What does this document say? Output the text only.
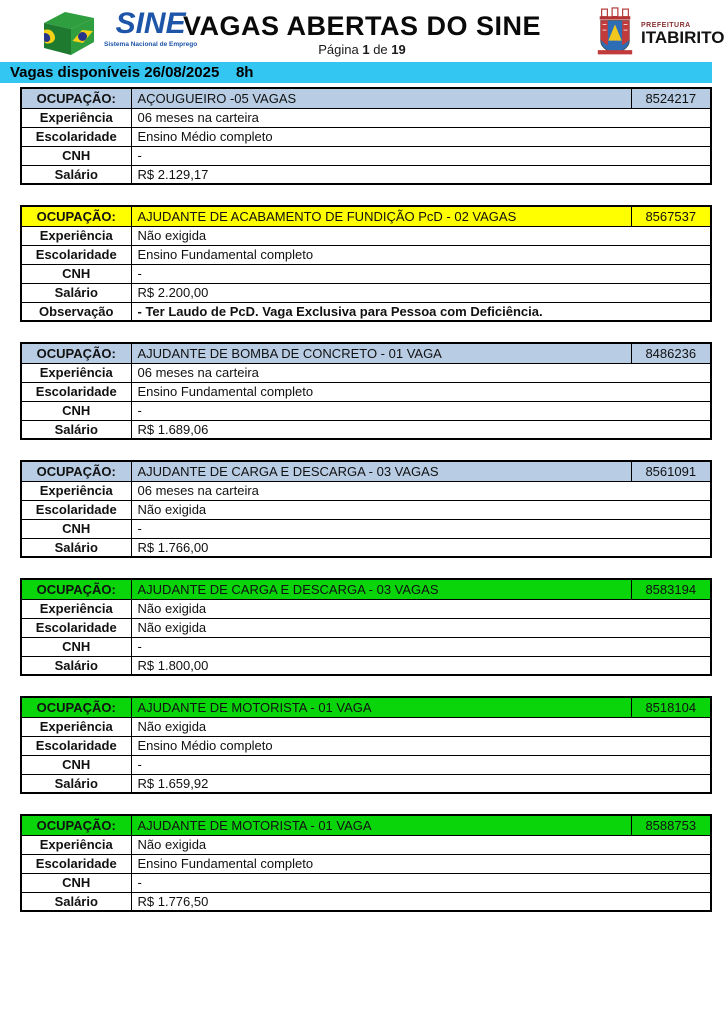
SINE
Sistema Nacional de Emprego
VAGAS ABERTAS DO SINE
Página 1 de 19
PREFEITURA
ITABIRITO
Vagas disponíveis 26/08/2025    8h
OCUPAÇÃO:	AÇOUGUEIRO -05 VAGAS	8524217
Experiência	06 meses na carteira	
Escolaridade	Ensino Médio completo	
CNH	-	
Salário	R$ 2.129,17	
OCUPAÇÃO:	AJUDANTE DE ACABAMENTO DE FUNDIÇÃO PcD - 02 VAGAS	8567537
Experiência	Não exigida	
Escolaridade	Ensino Fundamental completo	
CNH	-	
Salário	R$ 2.200,00	
Observação	- Ter Laudo de PcD. Vaga Exclusiva para Pessoa com Deficiência.	
OCUPAÇÃO:	AJUDANTE DE BOMBA DE CONCRETO - 01 VAGA	8486236
Experiência	06 meses na carteira	
Escolaridade	Ensino Fundamental completo	
CNH	-	
Salário	R$ 1.689,06	
OCUPAÇÃO:	AJUDANTE DE CARGA E DESCARGA - 03 VAGAS	8561091
Experiência	06 meses na carteira	
Escolaridade	Não exigida	
CNH	-	
Salário	R$ 1.766,00	
OCUPAÇÃO:	AJUDANTE DE CARGA E DESCARGA - 03 VAGAS	8583194
Experiência	Não exigida	
Escolaridade	Não exigida	
CNH	-	
Salário	R$ 1.800,00	
OCUPAÇÃO:	AJUDANTE DE MOTORISTA - 01 VAGA	8518104
Experiência	Não exigida	
Escolaridade	Ensino Médio completo	
CNH	-	
Salário	R$ 1.659,92	
OCUPAÇÃO:	AJUDANTE DE MOTORISTA - 01 VAGA	8588753
Experiência	Não exigida	
Escolaridade	Ensino Fundamental completo	
CNH	-	
Salário	R$ 1.776,50	
